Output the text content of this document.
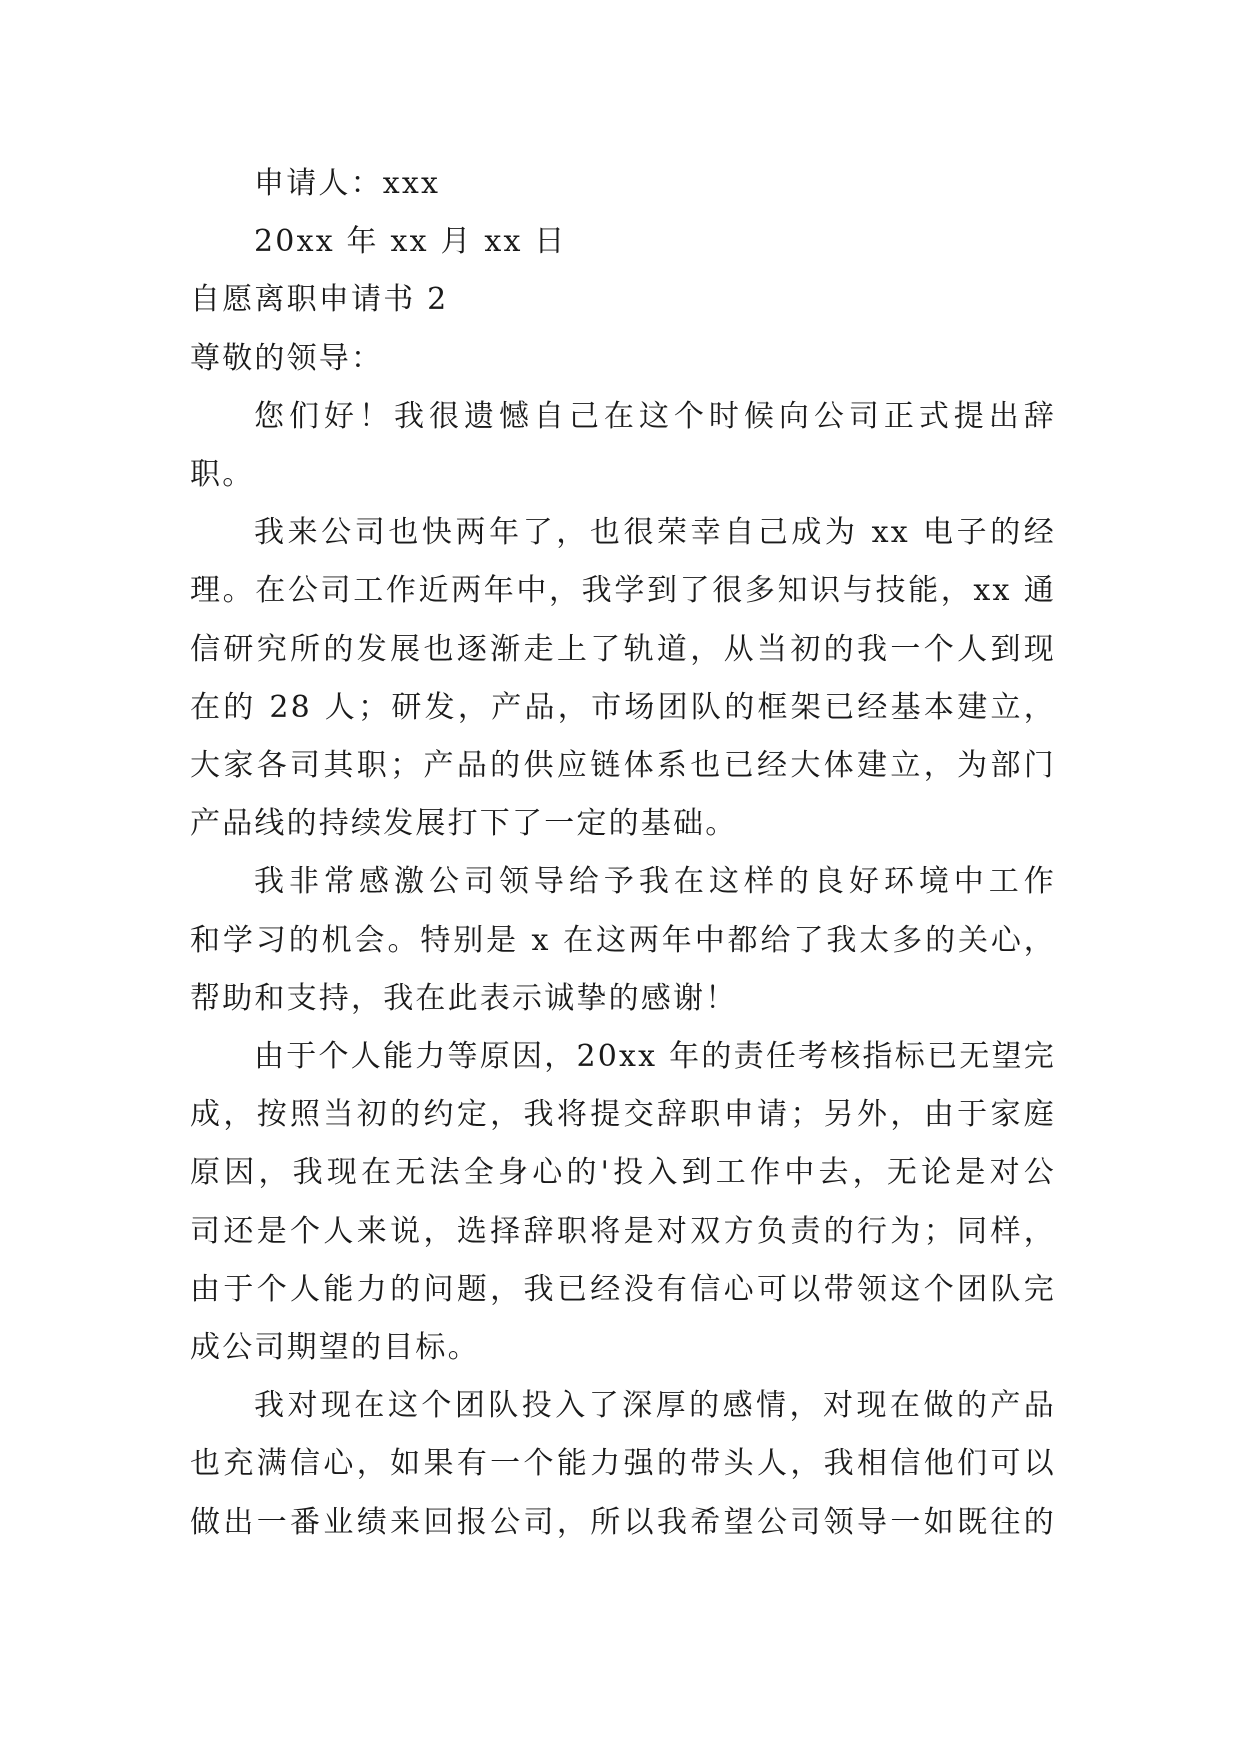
申请人：xxx
20xx 年 xx 月 xx 日
自愿离职申请书 2
尊敬的领导：
您们好！我很遗憾自己在这个时候向公司正式提出辞
职。
我来公司也快两年了，也很荣幸自己成为 xx 电子的经
理。在公司工作近两年中，我学到了很多知识与技能，xx 通
信研究所的发展也逐渐走上了轨道，从当初的我一个人到现
在的 28 人；研发，产品，市场团队的框架已经基本建立，
大家各司其职；产品的供应链体系也已经大体建立，为部门
产品线的持续发展打下了一定的基础。
我非常感激公司领导给予我在这样的良好环境中工作
和学习的机会。特别是 x 在这两年中都给了我太多的关心，
帮助和支持，我在此表示诚挚的感谢！
由于个人能力等原因，20xx 年的责任考核指标已无望完
成，按照当初的约定，我将提交辞职申请；另外，由于家庭
原因，我现在无法全身心的'投入到工作中去，无论是对公
司还是个人来说，选择辞职将是对双方负责的行为；同样，
由于个人能力的问题，我已经没有信心可以带领这个团队完
成公司期望的目标。
我对现在这个团队投入了深厚的感情，对现在做的产品
也充满信心，如果有一个能力强的带头人，我相信他们可以
做出一番业绩来回报公司，所以我希望公司领导一如既往的
